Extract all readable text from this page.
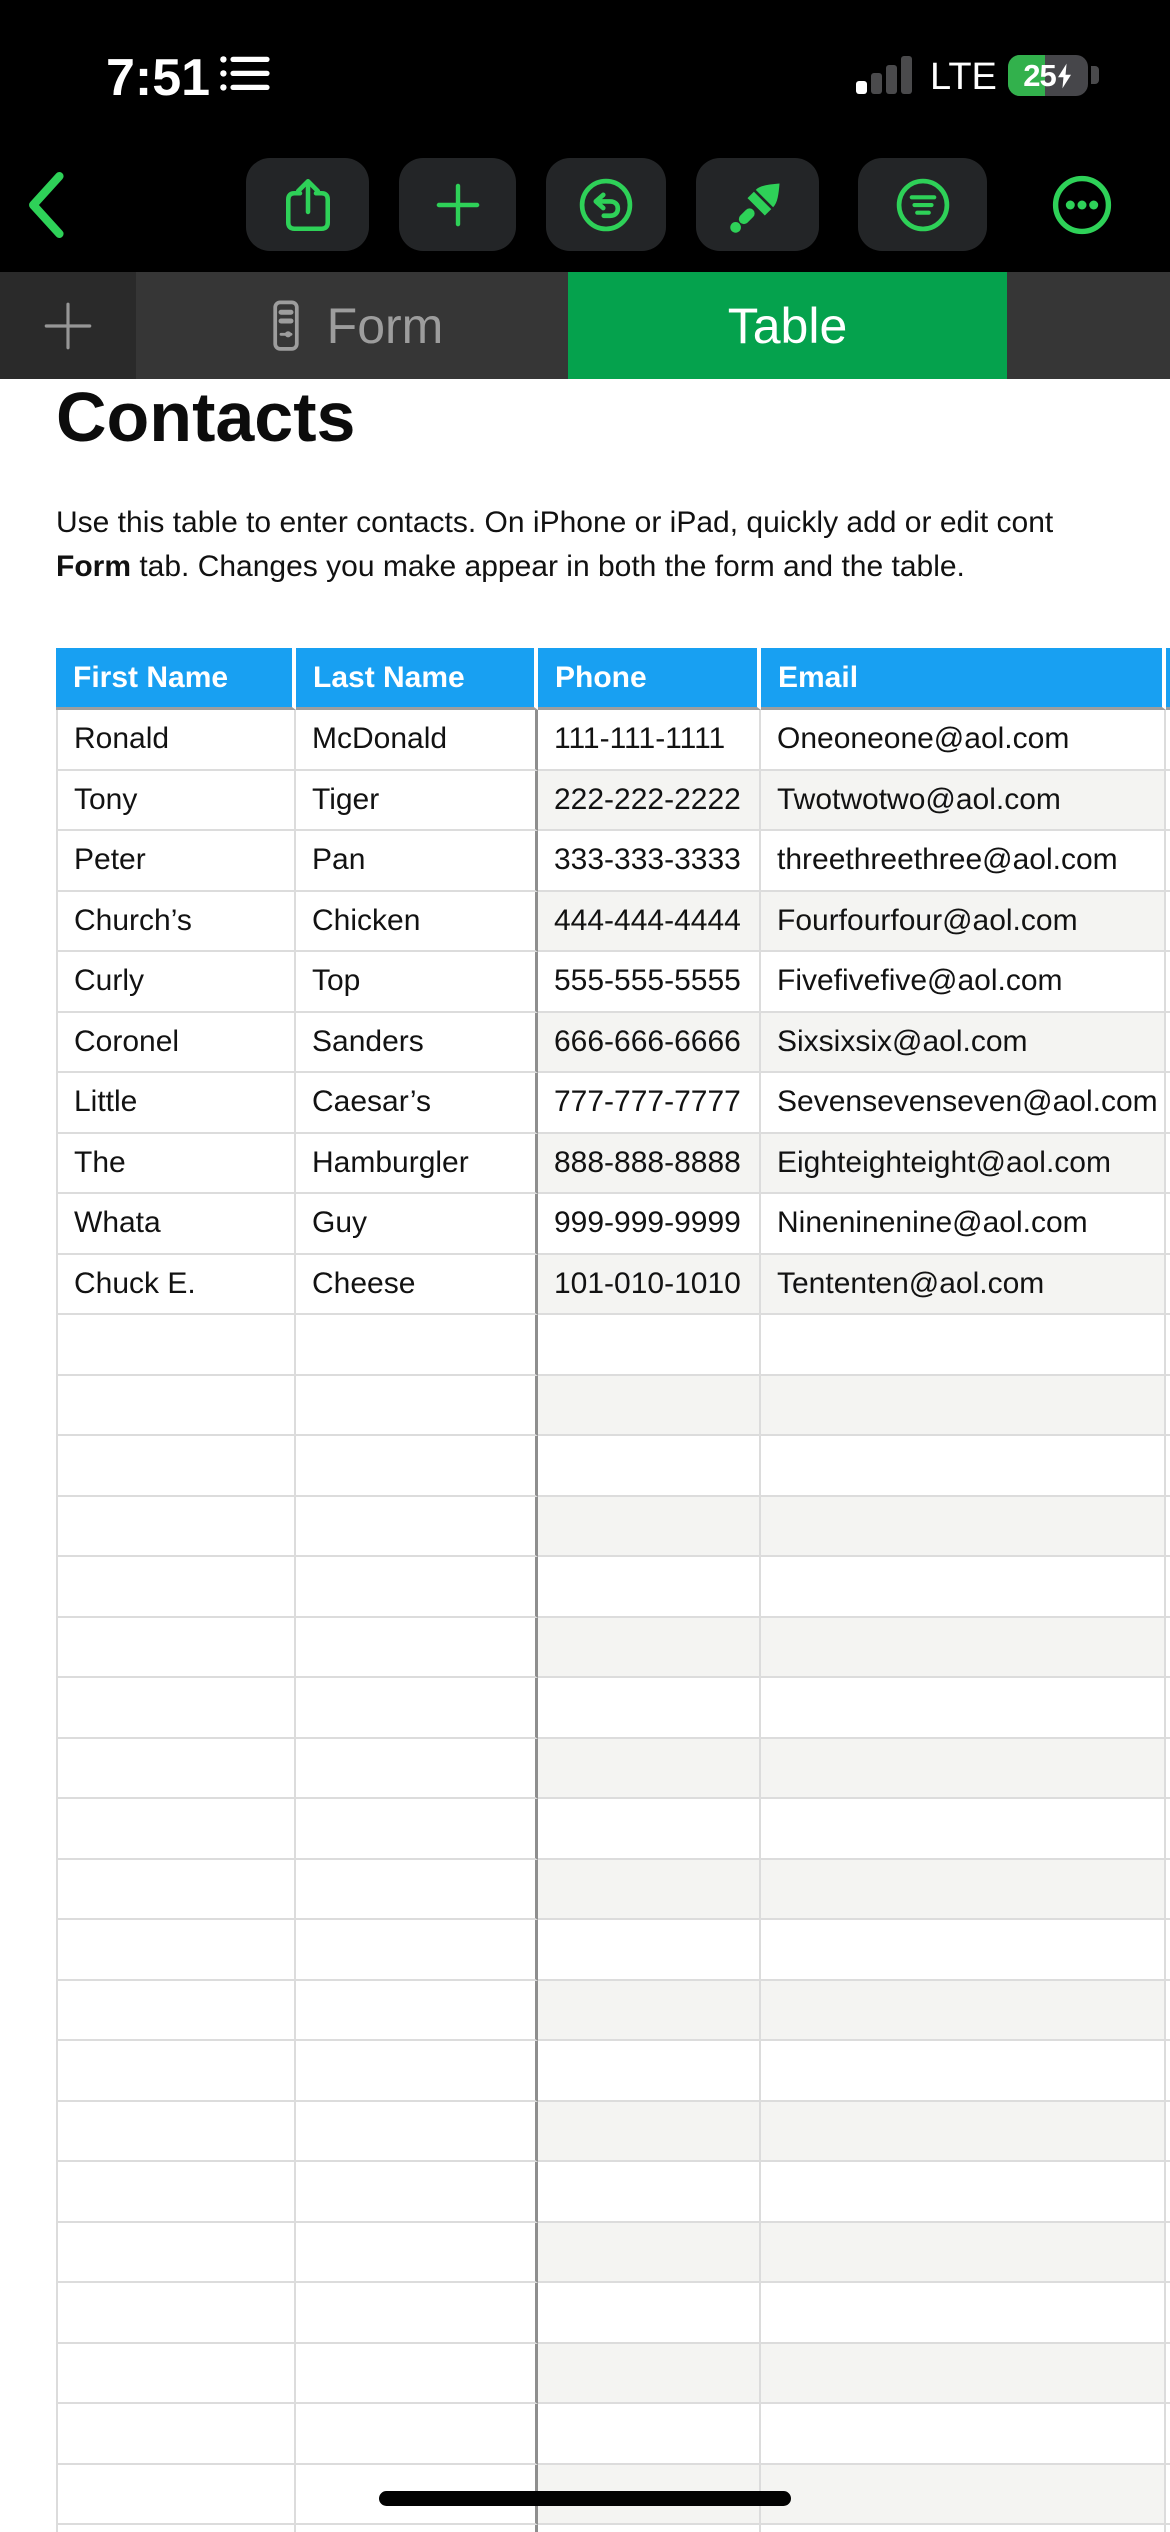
7:51	LTE 25
Form	Table
Contacts
Use this table to enter contacts. On iPhone or iPad, quickly add or edit cont
Form tab. Changes you make appear in both the form and the table.
First Name	Last Name	Phone	Email
Ronald	McDonald	111-111-1111	Oneoneone@aol.com
Tony	Tiger	222-222-2222	Twotwotwo@aol.com
Peter	Pan	333-333-3333	threethreethree@aol.com
Church’s	Chicken	444-444-4444	Fourfourfour@aol.com
Curly	Top	555-555-5555	Fivefivefive@aol.com
Coronel	Sanders	666-666-6666	Sixsixsix@aol.com
Little	Caesar’s	777-777-7777	Sevensevenseven@aol.com
The	Hamburgler	888-888-8888	Eighteighteight@aol.com
Whata	Guy	999-999-9999	Nineninenine@aol.com
Chuck E.	Cheese	101-010-1010	Tententen@aol.com
